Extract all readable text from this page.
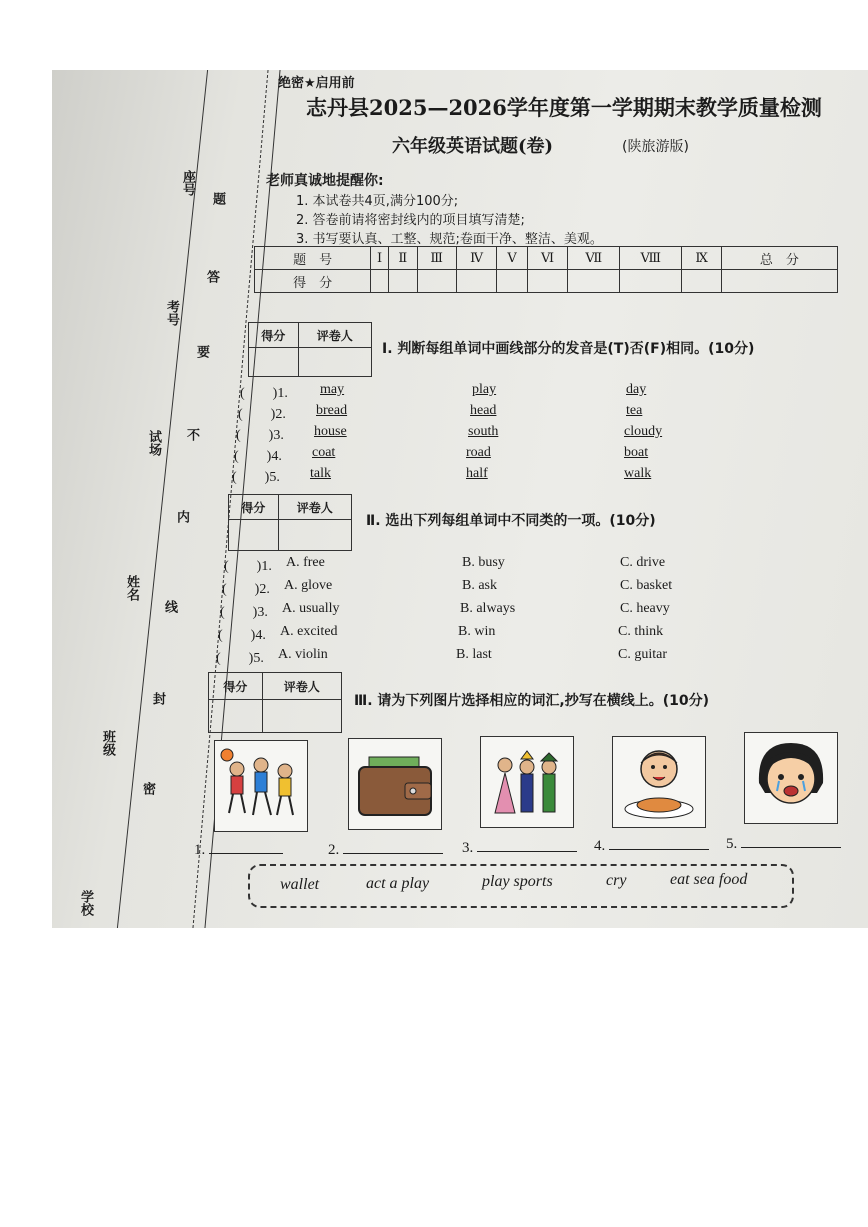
学校
班级
姓名
试场
考号
座号
密
封
线
内
不
要
答
题
绝密★启用前
志丹县2025—2026学年度第一学期期末教学质量检测
六年级英语试题(卷)	(陕旅游版)
老师真诚地提醒你:
1. 本试卷共4页,满分100分;
2. 答卷前请将密封线内的项目填写清楚;
3. 书写要认真、工整、规范;卷面干净、整洁、美观。
题　号	Ⅰ	Ⅱ	Ⅲ	Ⅳ	Ⅴ	Ⅵ	Ⅶ	Ⅷ	Ⅸ	总　分
得　分										
得分	评卷人

Ⅰ. 判断每组单词中画线部分的发音是(T)否(F)相同。(10分)
(　　)1. may	play	day
(　　)2. bread	head	tea
(　　)3. house	south	cloudy
(　　)4. coat	road	boat
(　　)5. talk	half	walk
得分	评卷人

Ⅱ. 选出下列每组单词中不同类的一项。(10分)
(　　)1. A. free	B. busy	C. drive
(　　)2. A. glove	B. ask	C. basket
(　　)3. A. usually	B. always	C. heavy
(　　)4. A. excited	B. win	C. think
(　　)5. A. violin	B. last	C. guitar
得分	评卷人

Ⅲ. 请为下列图片选择相应的词汇,抄写在横线上。(10分)
1.	2.	3.	4.	5.
wallet	act a play	play sports	cry	eat sea food
